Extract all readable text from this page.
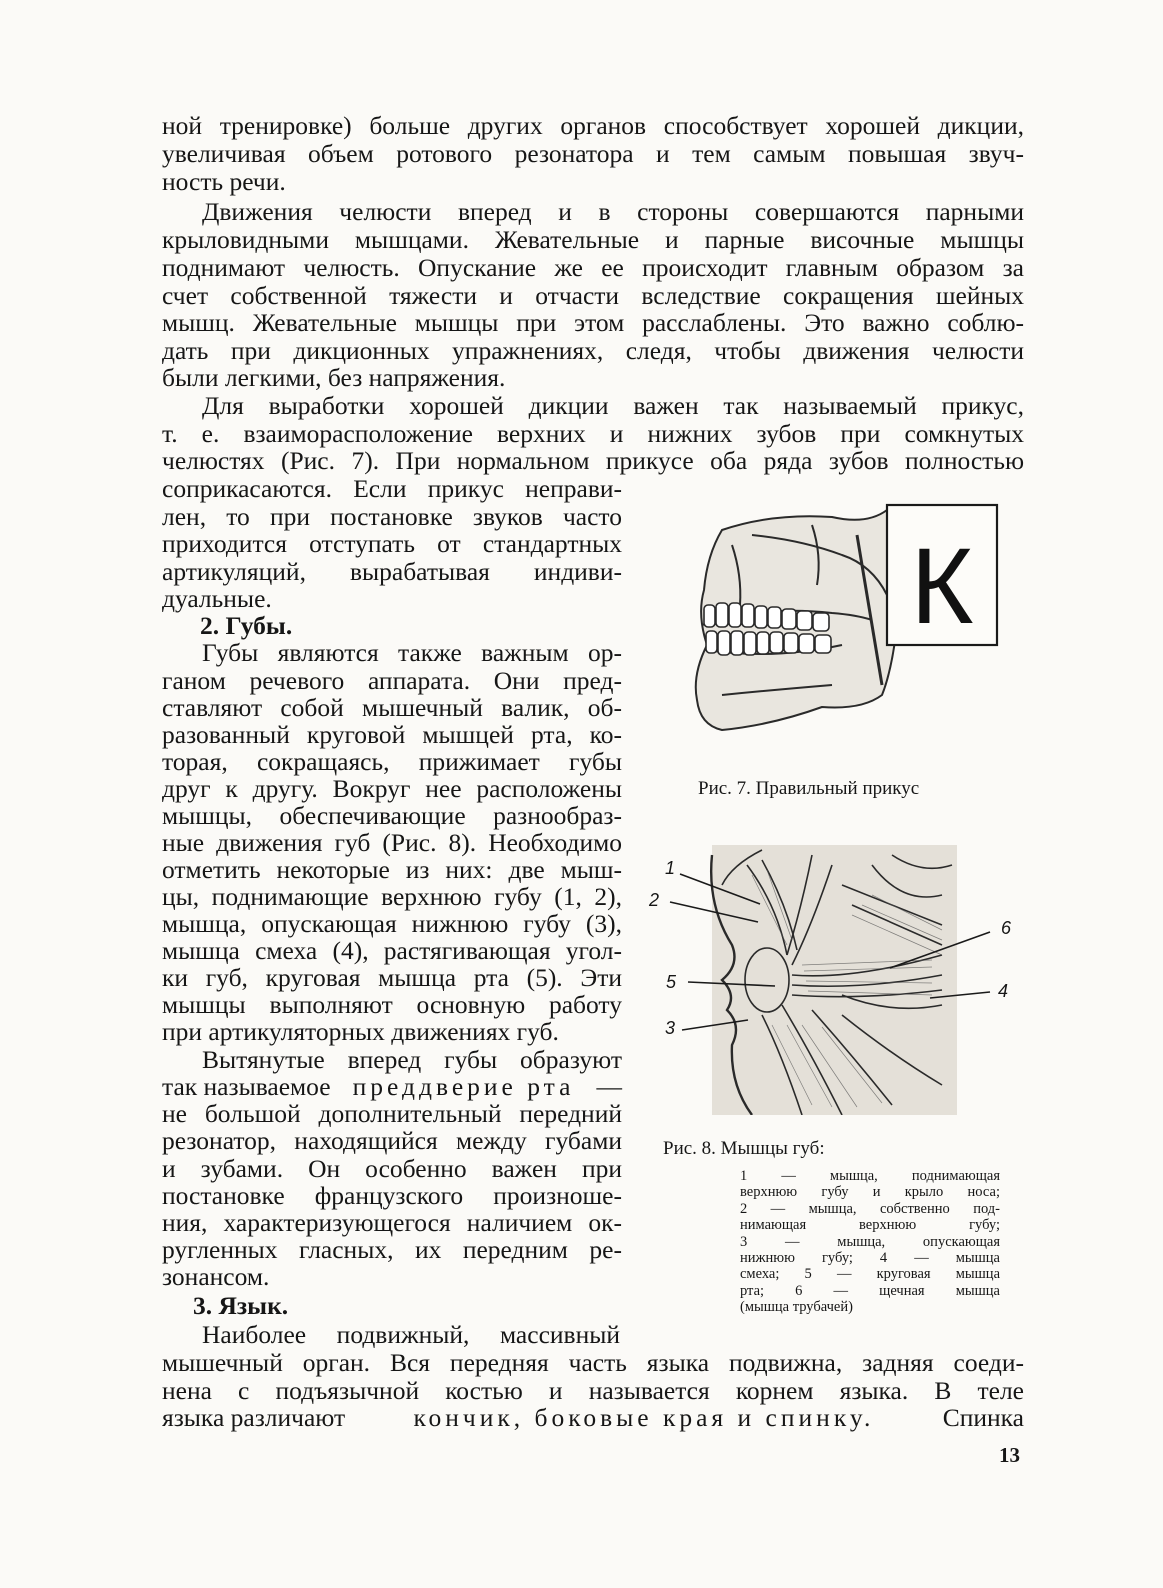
ной тренировке) больше других органов способствует хорошей дикции,
увеличивая объем ротового резонатора и тем самым повышая звуч-
ность речи.
Движения челюсти вперед и в стороны совершаются парными
крыловидными мышцами. Жевательные и парные височные мышцы
поднимают челюсть. Опускание же ее происходит главным образом за
счет собственной тяжести и отчасти вследствие сокращения шейных
мышц. Жевательные мышцы при этом расслаблены. Это важно соблю-
дать при дикционных упражнениях, следя, чтобы движения челюсти
были легкими, без напряжения.
Для выработки хорошей дикции важен так называемый прикус,
т. е. взаиморасположение верхних и нижних зубов при сомкнутых
челюстях (Рис. 7). При нормальном прикусе оба ряда зубов полностью
соприкасаются. Если прикус неправи-
лен, то при постановке звуков часто
приходится отступать от стандартных
артикуляций, вырабатывая индиви-
дуальные.
2. Губы.
Губы являются также важным ор-
ганом речевого аппарата. Они пред-
ставляют собой мышечный валик, об-
разованный круговой мышцей рта, ко-
торая, сокращаясь, прижимает губы
друг к другу. Вокруг нее расположены
мышцы, обеспечивающие разнообраз-
ные движения губ (Рис. 8). Необходимо
отметить некоторые из них: две мыш-
цы, поднимающие верхнюю губу (1, 2),
мышца, опускающая нижнюю губу (3),
мышца смеха (4), растягивающая угол-
ки губ, круговая мышца рта (5). Эти
мышцы выполняют основную работу
при артикуляторных движениях губ.
Вытянутые вперед губы образуют
так называемое преддверие рта —
не большой дополнительный передний
резонатор, находящийся между губами
и зубами. Он особенно важен при
постановке французского произноше-
ния, характеризующегося наличием ок-
ругленных гласных, их передним ре-
зонансом.
3. Язык.
Наиболее подвижный, массивный
мышечный орган. Вся передняя часть языка подвижна, задняя соеди-
нена с подъязычной костью и называется корнем языка. В теле
языка различают	кончик, боковые края и спинку.	Спинка
К
Рис. 7. Правильный прикус
1
2
6
5	4
3
Рис. 8. Мышцы губ:
1 — мышца, поднимающая
верхнюю губу и крыло носа;
2 — мышца, собственно под-
нимающая верхнюю губу;
3 — мышца, опускающая
нижнюю губу; 4 — мышца
смеха; 5 — круговая мышца
рта; 6 — щечная мышца
(мышца трубачей)
13
